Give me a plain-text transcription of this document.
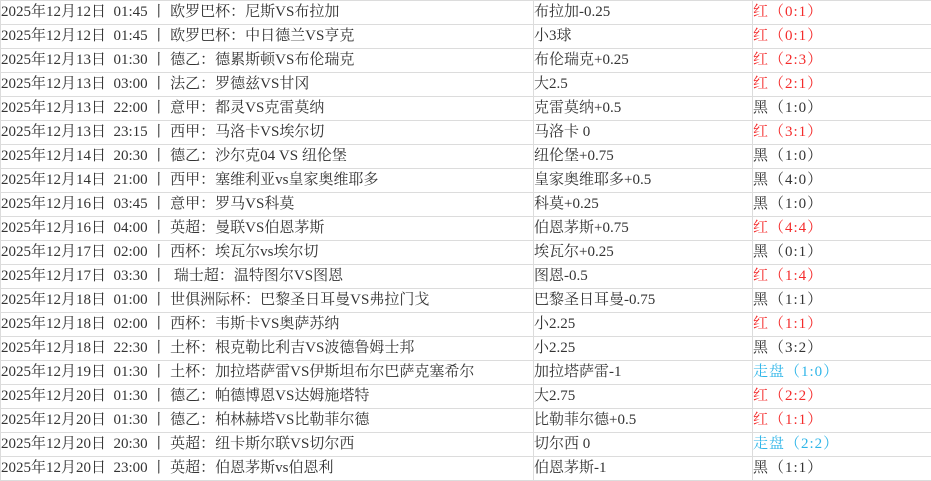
2025年12月12日  01:45 丨 欧罗巴杯：尼斯VS布拉加	布拉加-0.25	红（0:1）
2025年12月12日  01:45 丨 欧罗巴杯：中日德兰VS亨克	小3球	红（0:1）
2025年12月13日  01:30 丨 德乙：德累斯顿VS布伦瑞克	布伦瑞克+0.25	红（2:3）
2025年12月13日  03:00 丨 法乙：罗德兹VS甘冈	大2.5	红（2:1）
2025年12月13日  22:00 丨 意甲：都灵VS克雷莫纳	克雷莫纳+0.5	黑（1:0）
2025年12月13日  23:15 丨 西甲：马洛卡VS埃尔切	马洛卡 0	红（3:1）
2025年12月14日  20:30 丨 德乙：沙尔克04 VS 纽伦堡	纽伦堡+0.75	黑（1:0）
2025年12月14日  21:00 丨 西甲：塞维利亚vs皇家奥维耶多	皇家奥维耶多+0.5	黑（4:0）
2025年12月16日  03:45 丨 意甲：罗马VS科莫	科莫+0.25	黑（1:0）
2025年12月16日  04:00 丨 英超：曼联VS伯恩茅斯	伯恩茅斯+0.75	红（4:4）
2025年12月17日  02:00 丨 西杯：埃瓦尔vs埃尔切	埃瓦尔+0.25	黑（0:1）
2025年12月17日  03:30 丨  瑞士超：温特图尔VS图恩	图恩-0.5	红（1:4）
2025年12月18日  01:00 丨 世俱洲际杯：巴黎圣日耳曼VS弗拉门戈	巴黎圣日耳曼-0.75	黑（1:1）
2025年12月18日  02:00 丨 西杯：韦斯卡VS奥萨苏纳	小2.25	红（1:1）
2025年12月18日  22:30 丨 土杯：根克勒比利吉VS波德鲁姆士邦	小2.25	黑（3:2）
2025年12月19日  01:30 丨 土杯：加拉塔萨雷VS伊斯坦布尔巴萨克塞希尔	加拉塔萨雷-1	走盘（1:0）
2025年12月20日  01:30 丨 德乙：帕德博恩VS达姆施塔特	大2.75	红（2:2）
2025年12月20日  01:30 丨 德乙：柏林赫塔VS比勒菲尔德	比勒菲尔德+0.5	红（1:1）
2025年12月20日  20:30 丨 英超：纽卡斯尔联VS切尔西	切尔西 0	走盘（2:2）
2025年12月20日  23:00 丨 英超：伯恩茅斯vs伯恩利	伯恩茅斯-1	黑（1:1）
